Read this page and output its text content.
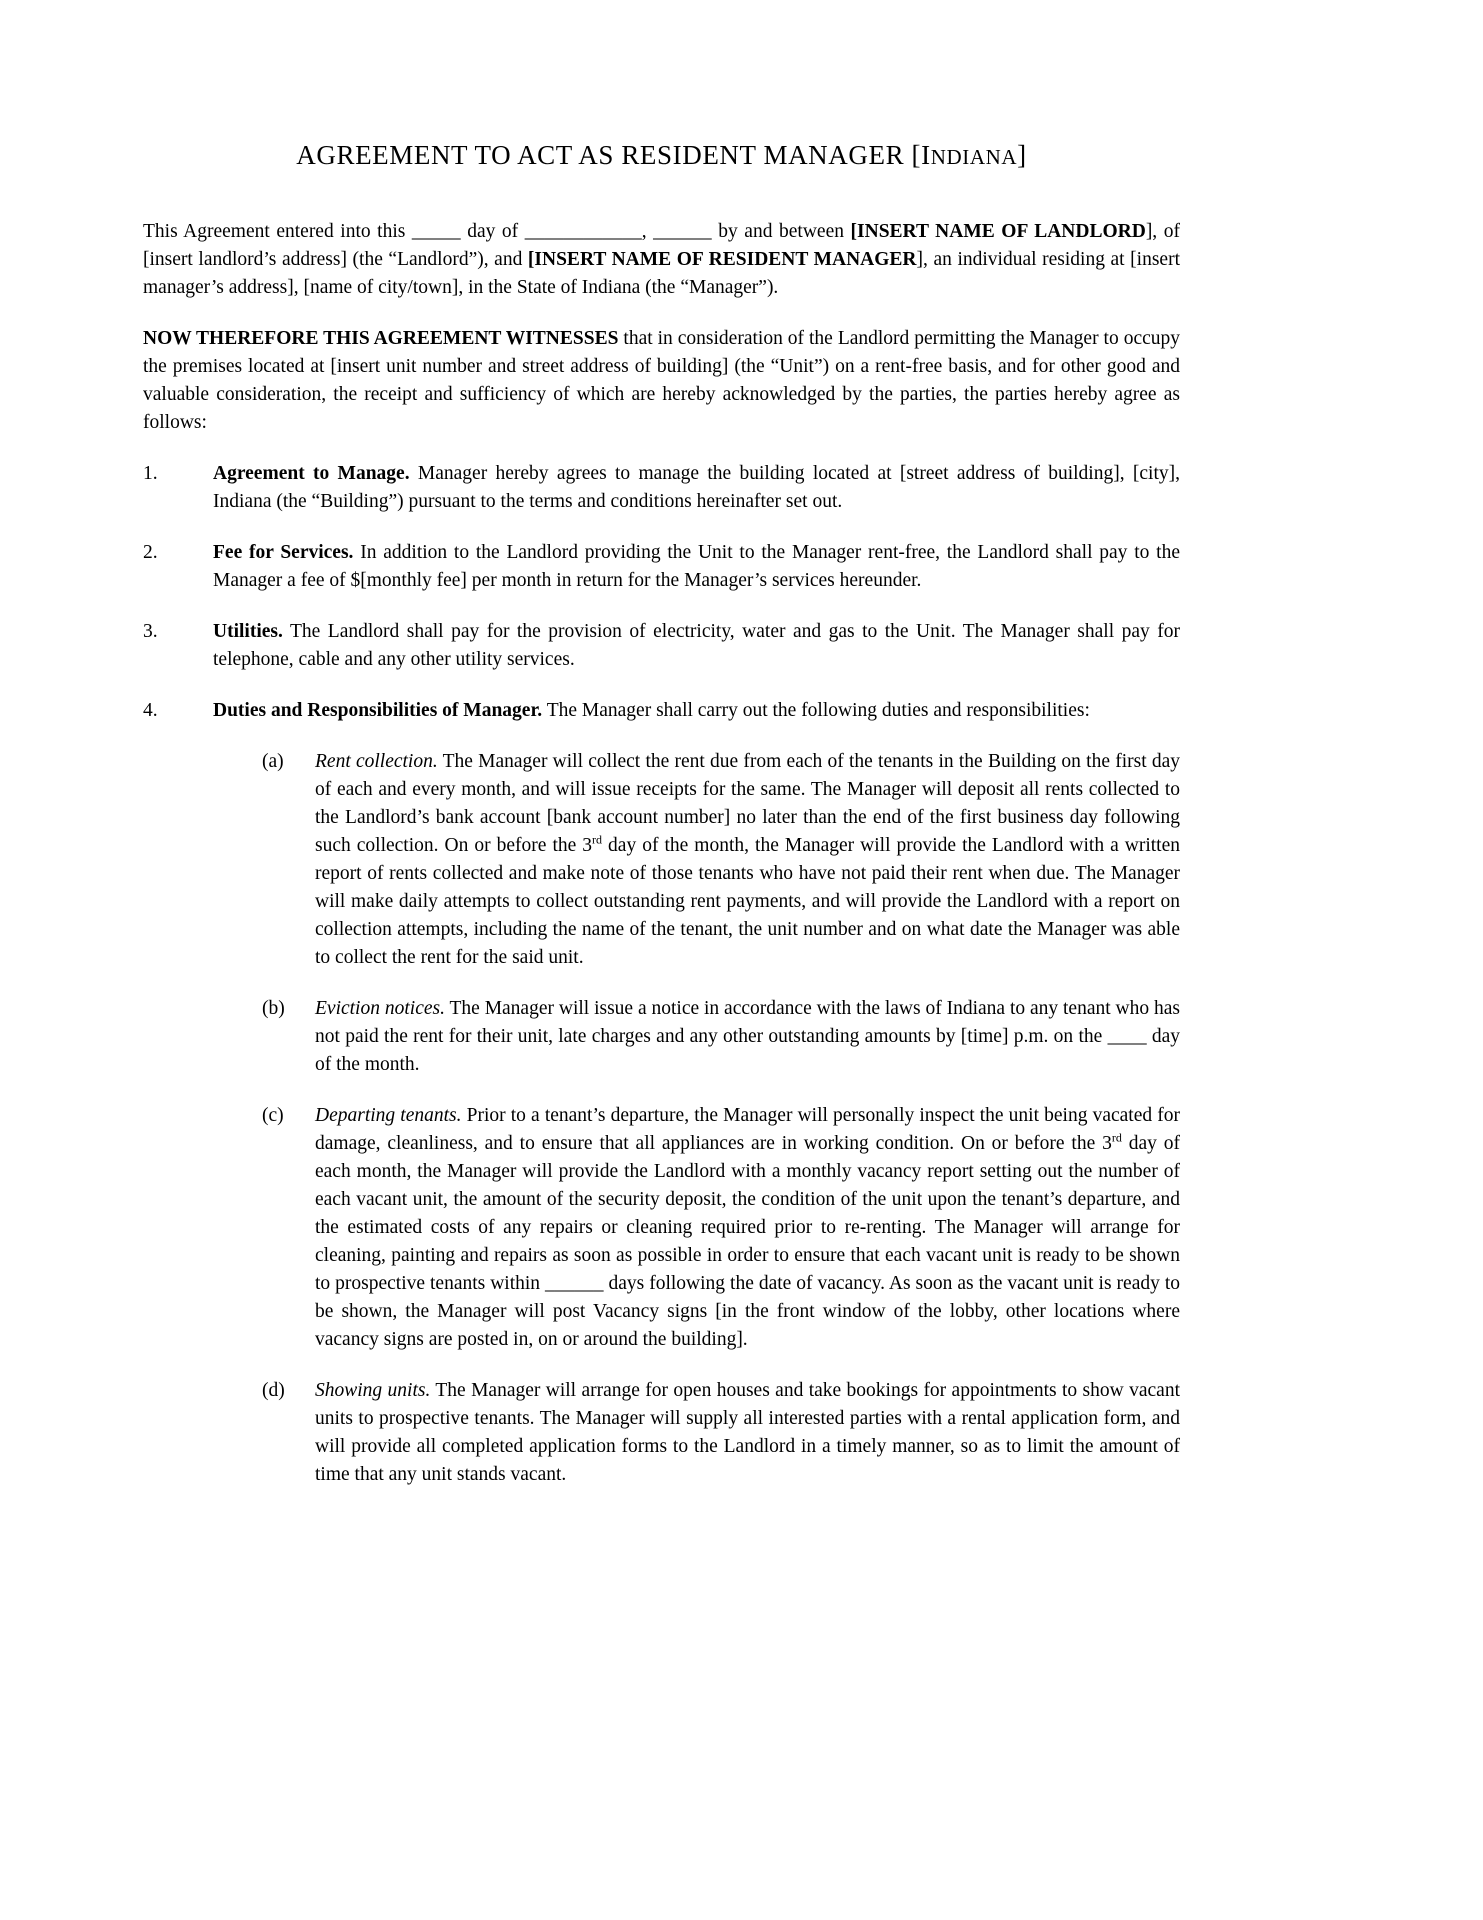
AGREEMENT TO ACT AS RESIDENT MANAGER [INDIANA]
This Agreement entered into this _____ day of ____________, ______ by and between [INSERT NAME OF LANDLORD], of [insert landlord’s address] (the “Landlord”), and [INSERT NAME OF RESIDENT MANAGER], an individual residing at [insert manager’s address], [name of city/town], in the State of Indiana (the “Manager”).
NOW THEREFORE THIS AGREEMENT WITNESSES that in consideration of the Landlord permitting the Manager to occupy the premises located at [insert unit number and street address of building] (the “Unit”) on a rent-free basis, and for other good and valuable consideration, the receipt and sufficiency of which are hereby acknowledged by the parties, the parties hereby agree as follows:
1.	Agreement to Manage. Manager hereby agrees to manage the building located at [street address of building], [city], Indiana (the “Building”) pursuant to the terms and conditions hereinafter set out.
2.	Fee for Services. In addition to the Landlord providing the Unit to the Manager rent-free, the Landlord shall pay to the Manager a fee of $[monthly fee] per month in return for the Manager’s services hereunder.
3.	Utilities. The Landlord shall pay for the provision of electricity, water and gas to the Unit. The Manager shall pay for telephone, cable and any other utility services.
4.	Duties and Responsibilities of Manager. The Manager shall carry out the following duties and responsibilities:
(a)	Rent collection. The Manager will collect the rent due from each of the tenants in the Building on the first day of each and every month, and will issue receipts for the same. The Manager will deposit all rents collected to the Landlord’s bank account [bank account number] no later than the end of the first business day following such collection. On or before the 3rd day of the month, the Manager will provide the Landlord with a written report of rents collected and make note of those tenants who have not paid their rent when due. The Manager will make daily attempts to collect outstanding rent payments, and will provide the Landlord with a report on collection attempts, including the name of the tenant, the unit number and on what date the Manager was able to collect the rent for the said unit.
(b)	Eviction notices. The Manager will issue a notice in accordance with the laws of Indiana to any tenant who has not paid the rent for their unit, late charges and any other outstanding amounts by [time] p.m. on the ____ day of the month.
(c)	Departing tenants. Prior to a tenant’s departure, the Manager will personally inspect the unit being vacated for damage, cleanliness, and to ensure that all appliances are in working condition. On or before the 3rd day of each month, the Manager will provide the Landlord with a monthly vacancy report setting out the number of each vacant unit, the amount of the security deposit, the condition of the unit upon the tenant’s departure, and the estimated costs of any repairs or cleaning required prior to re-renting. The Manager will arrange for cleaning, painting and repairs as soon as possible in order to ensure that each vacant unit is ready to be shown to prospective tenants within ______ days following the date of vacancy. As soon as the vacant unit is ready to be shown, the Manager will post Vacancy signs [in the front window of the lobby, other locations where vacancy signs are posted in, on or around the building].
(d)	Showing units. The Manager will arrange for open houses and take bookings for appointments to show vacant units to prospective tenants. The Manager will supply all interested parties with a rental application form, and will provide all completed application forms to the Landlord in a timely manner, so as to limit the amount of time that any unit stands vacant.
